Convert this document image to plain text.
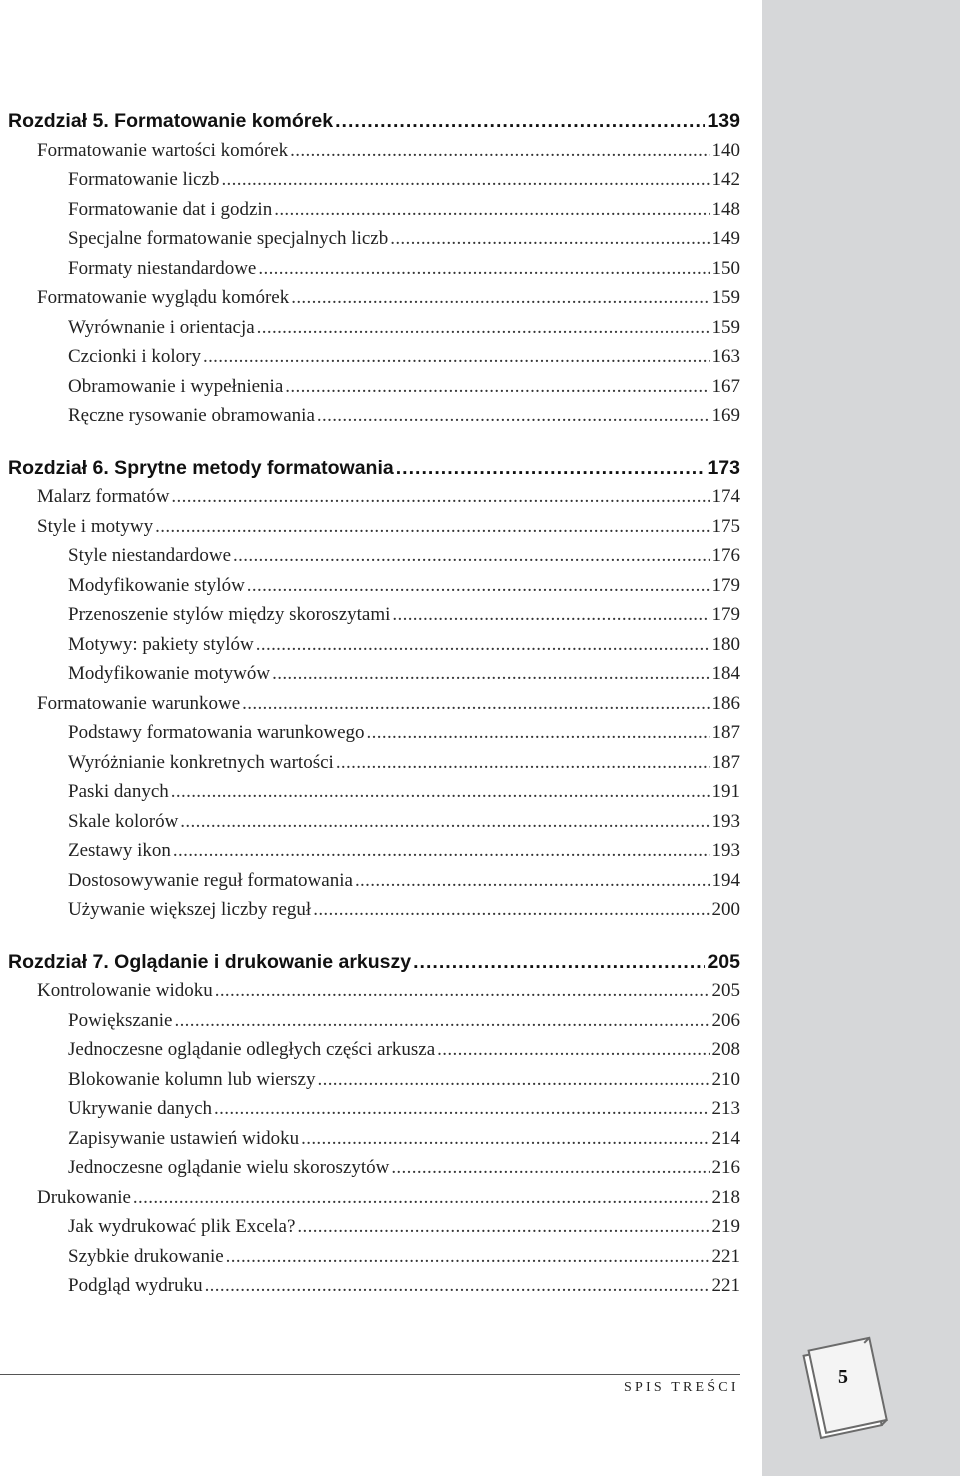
Rozdział 5. Formatowanie komórek . . .	139
Formatowanie wartości komórek . . .	140
Formatowanie liczb . . .	142
Formatowanie dat i godzin . . .	148
Specjalne formatowanie specjalnych liczb . . .	149
Formaty niestandardowe . . .	150
Formatowanie wyglądu komórek . . .	159
Wyrównanie i orientacja . . .	159
Czcionki i kolory . . .	163
Obramowanie i wypełnienia . . .	167
Ręczne rysowanie obramowania . . .	169
Rozdział 6. Sprytne metody formatowania . . .	173
Malarz formatów . . .	174
Style i motywy . . .	175
Style niestandardowe . . .	176
Modyfikowanie stylów . . .	179
Przenoszenie stylów między skoroszytami . . .	179
Motywy: pakiety stylów . . .	180
Modyfikowanie motywów . . .	184
Formatowanie warunkowe . . .	186
Podstawy formatowania warunkowego . . .	187
Wyróżnianie konkretnych wartości . . .	187
Paski danych . . .	191
Skale kolorów . . .	193
Zestawy ikon . . .	193
Dostosowywanie reguł formatowania . . .	194
Używanie większej liczby reguł . . .	200
Rozdział 7. Oglądanie i drukowanie arkuszy . . .	205
Kontrolowanie widoku . . .	205
Powiększanie . . .	206
Jednoczesne oglądanie odległych części arkusza . . .	208
Blokowanie kolumn lub wierszy . . .	210
Ukrywanie danych . . .	213
Zapisywanie ustawień widoku . . .	214
Jednoczesne oglądanie wielu skoroszytów . . .	216
Drukowanie . . .	218
Jak wydrukować plik Excela? . . .	219
Szybkie drukowanie . . .	221
Podgląd wydruku . . .	221
SPIS TREŚCI	5
